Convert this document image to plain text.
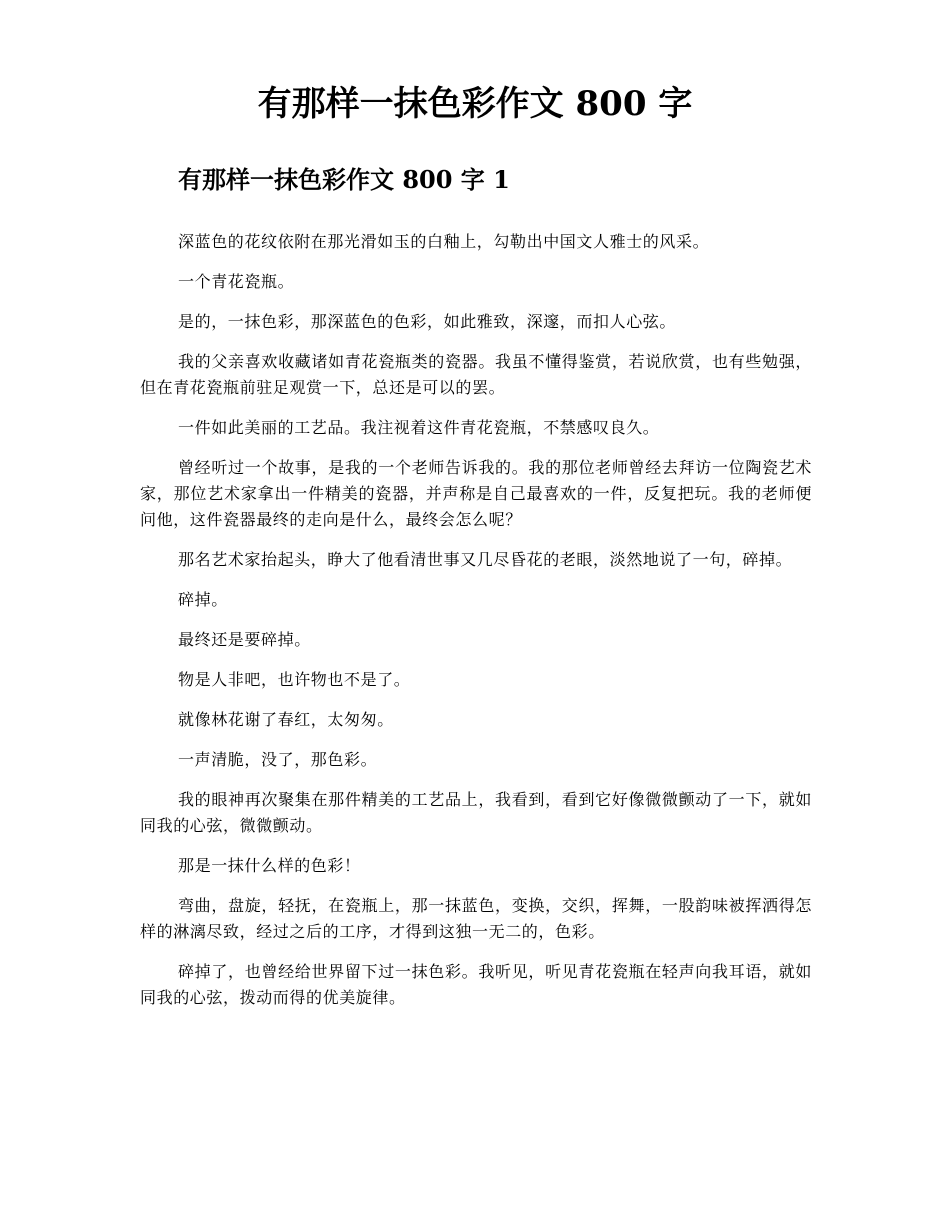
有那样一抹色彩作文 800 字
有那样一抹色彩作文 800 字 1

深蓝色的花纹依附在那光滑如玉的白釉上，勾勒出中国文人雅士的风采。

一个青花瓷瓶。

是的，一抹色彩，那深蓝色的色彩，如此雅致，深邃，而扣人心弦。

我的父亲喜欢收藏诸如青花瓷瓶类的瓷器。我虽不懂得鉴赏，若说欣赏，也有些勉强，但在青花瓷瓶前驻足观赏一下，总还是可以的罢。

一件如此美丽的工艺品。我注视着这件青花瓷瓶，不禁感叹良久。

曾经听过一个故事，是我的一个老师告诉我的。我的那位老师曾经去拜访一位陶瓷艺术家，那位艺术家拿出一件精美的瓷器，并声称是自己最喜欢的一件，反复把玩。我的老师便问他，这件瓷器最终的走向是什么，最终会怎么呢？

那名艺术家抬起头，睁大了他看清世事又几尽昏花的老眼，淡然地说了一句，碎掉。

碎掉。

最终还是要碎掉。

物是人非吧，也许物也不是了。

就像林花谢了春红，太匆匆。

一声清脆，没了，那色彩。

我的眼神再次聚集在那件精美的工艺品上，我看到，看到它好像微微颤动了一下，就如同我的心弦，微微颤动。

那是一抹什么样的色彩！

弯曲，盘旋，轻抚，在瓷瓶上，那一抹蓝色，变换，交织，挥舞，一股韵味被挥洒得怎样的淋漓尽致，经过之后的工序，才得到这独一无二的，色彩。

碎掉了，也曾经给世界留下过一抹色彩。我听见，听见青花瓷瓶在轻声向我耳语，就如同我的心弦，拨动而得的优美旋律。
